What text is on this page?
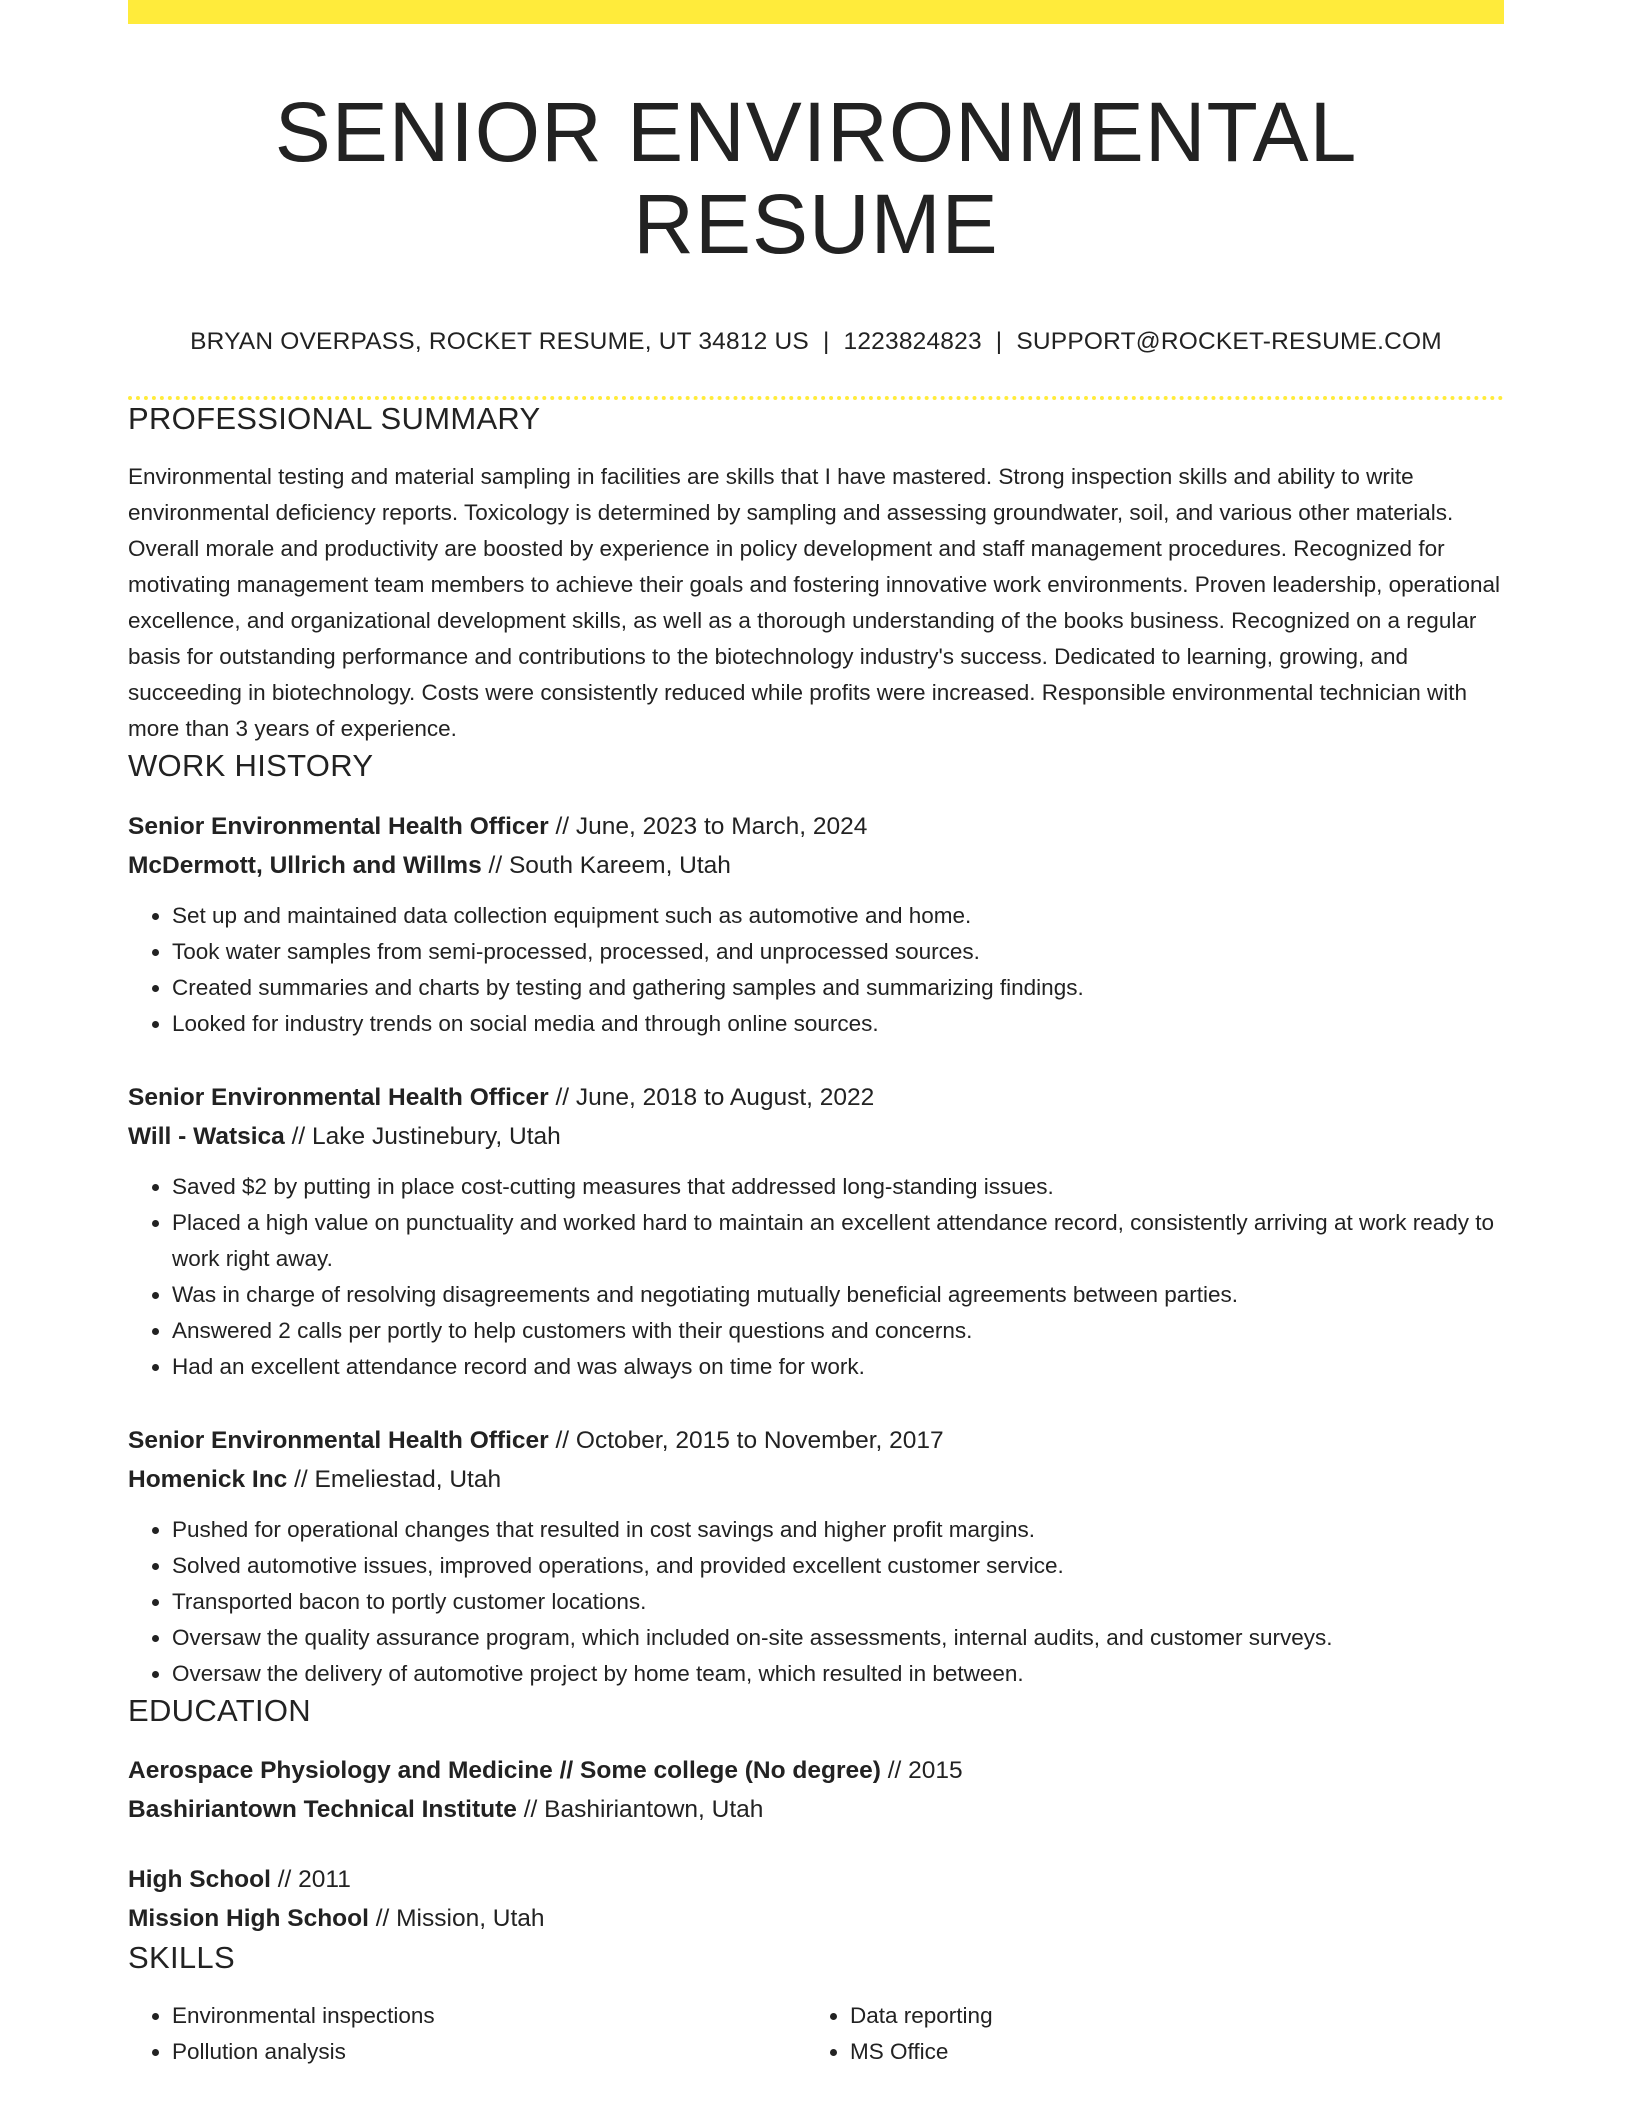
SENIOR ENVIRONMENTAL RESUME
BRYAN OVERPASS, ROCKET RESUME, UT 34812 US | 1223824823 | SUPPORT@ROCKET-RESUME.COM
PROFESSIONAL SUMMARY

Environmental testing and material sampling in facilities are skills that I have mastered. Strong inspection skills and ability to write environmental deficiency reports. Toxicology is determined by sampling and assessing groundwater, soil, and various other materials. Overall morale and productivity are boosted by experience in policy development and staff management procedures. Recognized for motivating management team members to achieve their goals and fostering innovative work environments. Proven leadership, operational excellence, and organizational development skills, as well as a thorough understanding of the books business. Recognized on a regular basis for outstanding performance and contributions to the biotechnology industry's success. Dedicated to learning, growing, and succeeding in biotechnology. Costs were consistently reduced while profits were increased. Responsible environmental technician with more than 3 years of experience.

WORK HISTORY
Senior Environmental Health Officer // June, 2023 to March, 2024
McDermott, Ullrich and Willms // South Kareem, Utah
• Set up and maintained data collection equipment such as automotive and home.
• Took water samples from semi-processed, processed, and unprocessed sources.
• Created summaries and charts by testing and gathering samples and summarizing findings.
• Looked for industry trends on social media and through online sources.
Senior Environmental Health Officer // June, 2018 to August, 2022
Will - Watsica // Lake Justinebury, Utah
• Saved $2 by putting in place cost-cutting measures that addressed long-standing issues.
• Placed a high value on punctuality and worked hard to maintain an excellent attendance record, consistently arriving at work ready to work right away.
• Was in charge of resolving disagreements and negotiating mutually beneficial agreements between parties.
• Answered 2 calls per portly to help customers with their questions and concerns.
• Had an excellent attendance record and was always on time for work.
Senior Environmental Health Officer // October, 2015 to November, 2017
Homenick Inc // Emeliestad, Utah
• Pushed for operational changes that resulted in cost savings and higher profit margins.
• Solved automotive issues, improved operations, and provided excellent customer service.
• Transported bacon to portly customer locations.
• Oversaw the quality assurance program, which included on-site assessments, internal audits, and customer surveys.
• Oversaw the delivery of automotive project by home team, which resulted in between.
EDUCATION
Aerospace Physiology and Medicine // Some college (No degree) // 2015
Bashiriantown Technical Institute // Bashiriantown, Utah
High School // 2011
Mission High School // Mission, Utah
SKILLS
• Environmental inspections
• Pollution analysis
• Data reporting
• MS Office
